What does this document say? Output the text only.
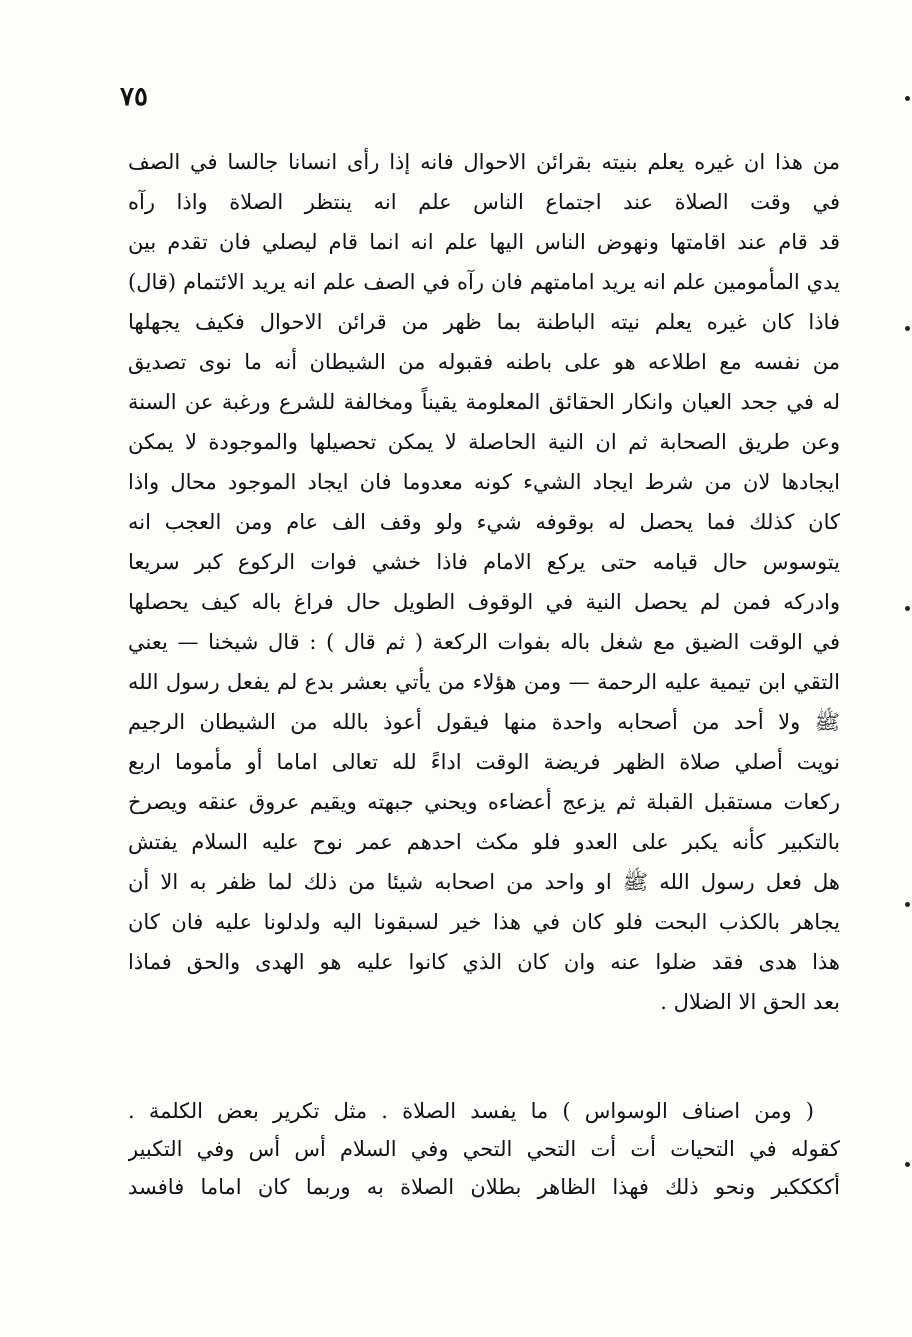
٧٥
من هذا ان غيره يعلم بنيته بقرائن الاحوال فانه إذا رأى انسانا جالسا في الصف
في وقت الصلاة عند اجتماع الناس علم انه ينتظر الصلاة واذا رآه
قد قام عند اقامتها ونهوض الناس اليها علم انه انما قام ليصلي فان تقدم بين
يدي المأمومين علم انه يريد امامتهم فان رآه في الصف علم انه يريد الائتمام (قال)
فاذا كان غيره يعلم نيته الباطنة بما ظهر من قرائن الاحوال فكيف يجهلها
من نفسه مع اطلاعه هو على باطنه فقبوله من الشيطان أنه ما نوى تصديق
له في جحد العيان وانكار الحقائق المعلومة يقيناً ومخالفة للشرع ورغبة عن السنة
وعن طريق الصحابة ثم ان النية الحاصلة لا يمكن تحصيلها والموجودة لا يمكن
ايجادها لان من شرط ايجاد الشيء كونه معدوما فان ايجاد الموجود محال واذا
كان كذلك فما يحصل له بوقوفه شيء ولو وقف الف عام ومن العجب انه
يتوسوس حال قيامه حتى يركع الامام فاذا خشي فوات الركوع كبر سريعا
وادركه فمن لم يحصل النية في الوقوف الطويل حال فراغ باله كيف يحصلها
في الوقت الضيق مع شغل باله بفوات الركعة ( ثم قال ) : قال شيخنا — يعني
التقي ابن تيمية عليه الرحمة — ومن هؤلاء من يأتي بعشر بدع لم يفعل رسول الله
ﷺ ولا أحد من أصحابه واحدة منها فيقول أعوذ بالله من الشيطان الرجيم
نويت أصلي صلاة الظهر فريضة الوقت اداءً لله تعالى اماما أو مأموما اربع
ركعات مستقبل القبلة ثم يزعج أعضاءه ويحني جبهته ويقيم عروق عنقه ويصرخ
بالتكبير كأنه يكبر على العدو فلو مكث احدهم عمر نوح عليه السلام يفتش
هل فعل رسول الله ﷺ او واحد من اصحابه شيئا من ذلك لما ظفر به الا أن
يجاهر بالكذب البحت فلو كان في هذا خير لسبقونا اليه ولدلونا عليه فان كان
هذا هدى فقد ضلوا عنه وان كان الذي كانوا عليه هو الهدى والحق فماذا
بعد الحق الا الضلال .
( ومن اصناف الوسواس ) ما يفسد الصلاة . مثل تكرير بعض الكلمة .
كقوله في التحيات أت أت التحي التحي وفي السلام أس أس وفي التكبير
أككككبر ونحو ذلك فهذا الظاهر بطلان الصلاة به وربما كان اماما فافسد
